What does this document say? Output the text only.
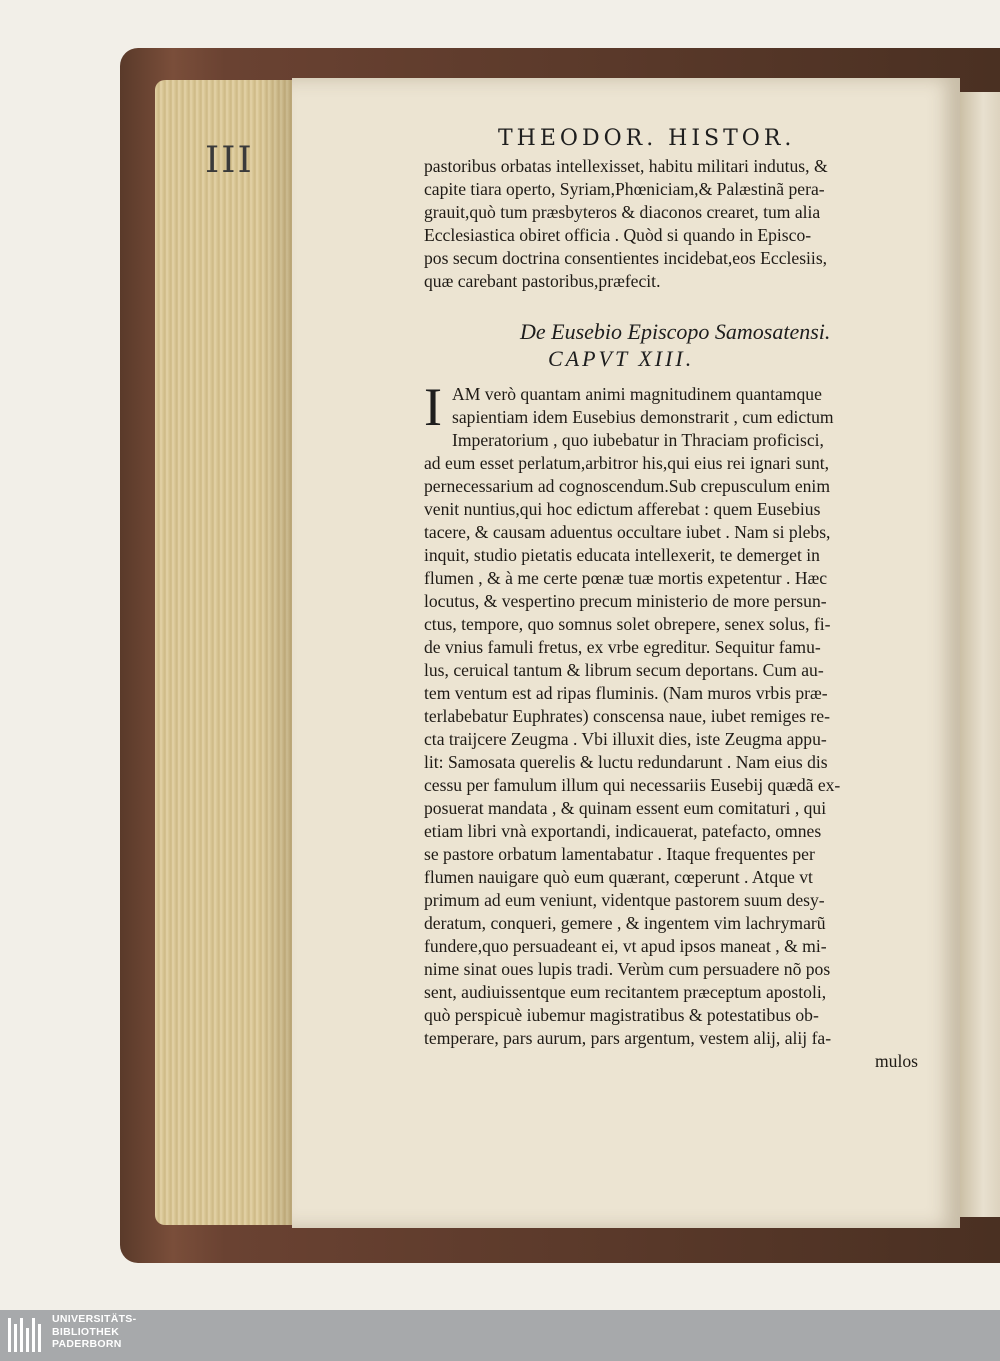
III
THEODOR. HISTOR.
pastoribus orbatas intellexisset, habitu militari indutus, &
capite tiara operto, Syriam,Phœniciam,& Palæstinã pera-
grauit,quò tum præsbyteros & diaconos crearet, tum alia
Ecclesiastica obiret officia . Quòd si quando in Episco-
pos secum doctrina consentientes incidebat,eos Ecclesiis,
quæ carebant pastoribus,præfecit.
De Eusebio Episcopo Samosatensi.
CAPVT XIII.
I AM verò quantam animi magnitudinem quantamque
sapientiam idem Eusebius demonstrarit , cum edictum
Imperatorium , quo iubebatur in Thraciam proficisci,
ad eum esset perlatum,arbitror his,qui eius rei ignari sunt,
pernecessarium ad cognoscendum.Sub crepusculum enim
venit nuntius,qui hoc edictum afferebat : quem Eusebius
tacere, & causam aduentus occultare iubet . Nam si plebs,
inquit, studio pietatis educata intellexerit, te demerget in
flumen , & à me certe pœnæ tuæ mortis expetentur . Hæc
locutus, & vespertino precum ministerio de more persun-
ctus, tempore, quo somnus solet obrepere, senex solus, fi-
de vnius famuli fretus, ex vrbe egreditur. Sequitur famu-
lus, ceruical tantum & librum secum deportans. Cum au-
tem ventum est ad ripas fluminis. (Nam muros vrbis præ-
terlabebatur Euphrates) conscensa naue, iubet remiges re-
cta traijcere Zeugma . Vbi illuxit dies, iste Zeugma appu-
lit: Samosata querelis & luctu redundarunt . Nam eius dis
cessu per famulum illum qui necessariis Eusebij quædã ex-
posuerat mandata , & quinam essent eum comitaturi , qui
etiam libri vnà exportandi, indicauerat, patefacto, omnes
se pastore orbatum lamentabatur . Itaque frequentes per
flumen nauigare quò eum quærant, cœperunt . Atque vt
primum ad eum veniunt, videntque pastorem suum desy-
deratum, conqueri, gemere , & ingentem vim lachrymarũ
fundere,quo persuadeant ei, vt apud ipsos maneat , & mi-
nime sinat oues lupis tradi. Verùm cum persuadere nõ pos
sent, audiuissentque eum recitantem præceptum apostoli,
quò perspicuè iubemur magistratibus & potestatibus ob-
temperare, pars aurum, pars argentum, vestem alij, alij fa-
mulos
UNIVERSITÄTS-
BIBLIOTHEK
PADERBORN
